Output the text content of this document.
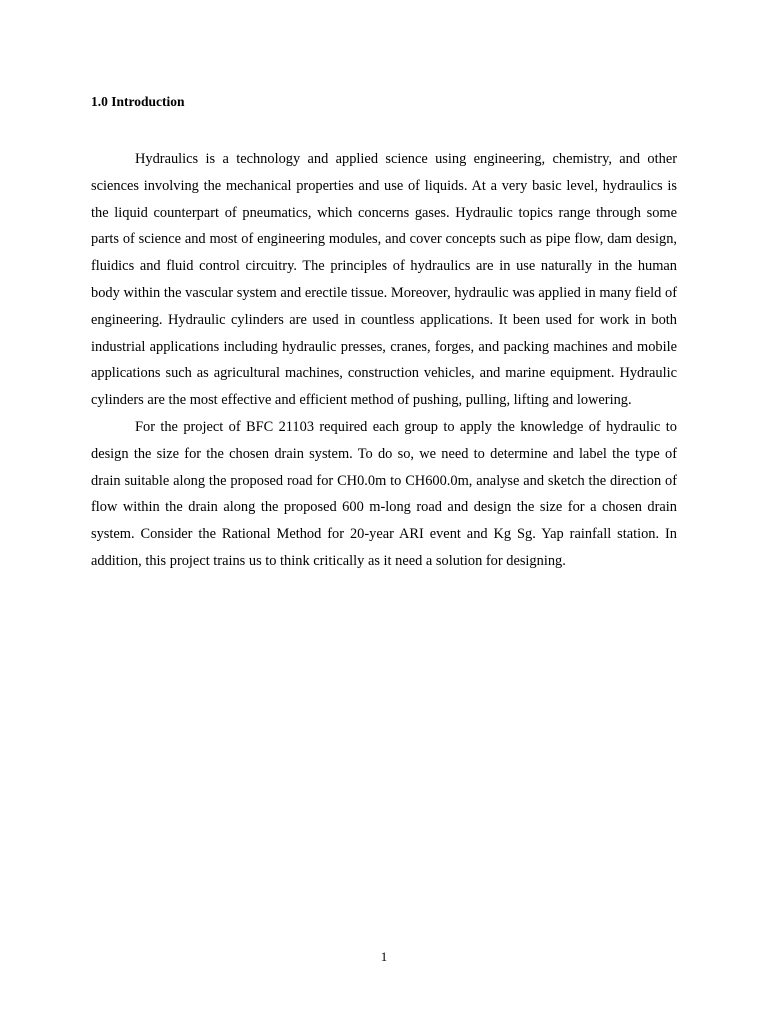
1.0 Introduction

Hydraulics is a technology and applied science using engineering, chemistry, and other sciences involving the mechanical properties and use of liquids. At a very basic level, hydraulics is the liquid counterpart of pneumatics, which concerns gases. Hydraulic topics range through some parts of science and most of engineering modules, and cover concepts such as pipe flow, dam design, fluidics and fluid control circuitry. The principles of hydraulics are in use naturally in the human body within the vascular system and erectile tissue. Moreover, hydraulic was applied in many field of engineering. Hydraulic cylinders are used in countless applications. It been used for work in both industrial applications including hydraulic presses, cranes, forges, and packing machines and mobile applications such as agricultural machines, construction vehicles, and marine equipment. Hydraulic cylinders are the most effective and efficient method of pushing, pulling, lifting and lowering.

For the project of BFC 21103 required each group to apply the knowledge of hydraulic to design the size for the chosen drain system. To do so, we need to determine and label the type of drain suitable along the proposed road for CH0.0m to CH600.0m, analyse and sketch the direction of flow within the drain along the proposed 600 m-long road and design the size for a chosen drain system. Consider the Rational Method for 20-year ARI event and Kg Sg. Yap rainfall station. In addition, this project trains us to think critically as it need a solution for designing.

1
